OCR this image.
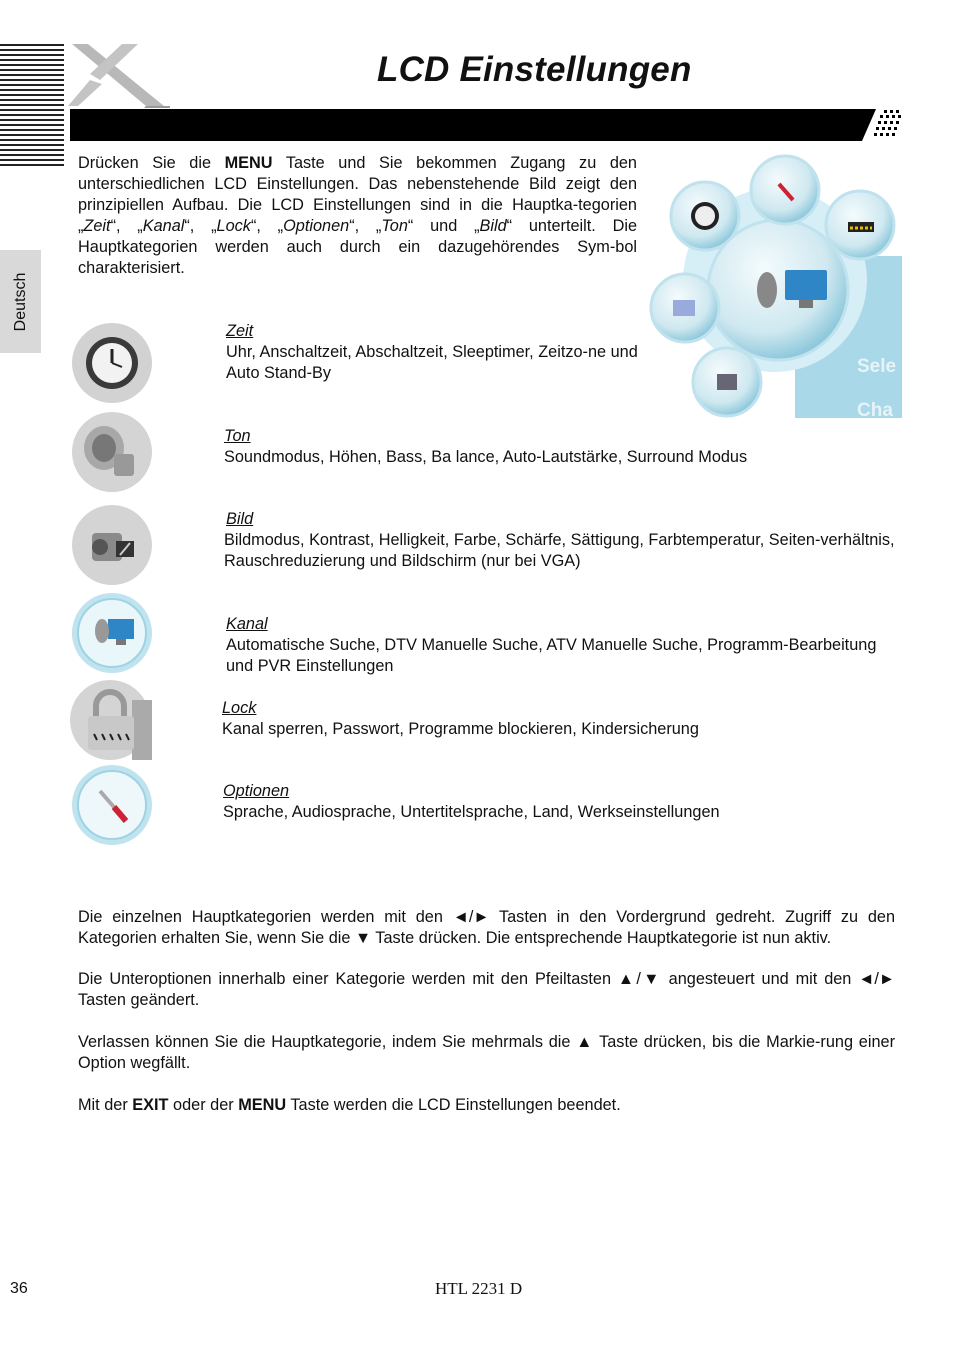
LCD Einstellungen
Deutsch
Drücken Sie die MENU Taste und Sie bekommen Zugang zu den unterschiedlichen LCD Einstellungen. Das nebenstehende Bild zeigt den prinzipiellen Aufbau. Die LCD Einstellungen sind in die Hauptka-tegorien „Zeit“, „Kanal“, „Lock“, „Optionen“, „Ton“ und „Bild“ unterteilt. Die Hauptkategorien werden auch durch ein dazugehörendes Sym-bol charakterisiert.
Sele
Cha
Zeit
Uhr, Anschaltzeit, Abschaltzeit, Sleeptimer, Zeitzo-ne und Auto Stand-By
Ton
Soundmodus, Höhen, Bass, Ba lance, Auto-Lautstärke, Surround Modus
Bild
Bildmodus, Kontrast, Helligkeit, Farbe, Schärfe, Sättigung, Farbtemperatur, Seiten-verhältnis, Rauschreduzierung und Bildschirm (nur bei VGA)
Kanal
Automatische Suche, DTV Manuelle Suche, ATV Manuelle Suche, Programm-Bearbeitung und PVR Einstellungen
Lock
Kanal sperren, Passwort, Programme blockieren, Kindersicherung
Optionen
Sprache, Audiosprache, Untertitelsprache, Land, Werkseinstellungen
Die einzelnen Hauptkategorien werden mit den ◄/► Tasten in den Vordergrund gedreht. Zugriff zu den Kategorien erhalten Sie, wenn Sie die ▼ Taste drücken. Die entsprechende Hauptkategorie ist nun aktiv.
Die Unteroptionen innerhalb einer Kategorie werden mit den Pfeiltasten ▲/▼ angesteuert und mit den ◄/► Tasten geändert.
Verlassen können Sie die Hauptkategorie, indem Sie mehrmals die ▲ Taste drücken, bis die Markie-rung einer Option wegfällt.
Mit der EXIT oder der MENU Taste werden die LCD Einstellungen beendet.
36	HTL 2231 D
